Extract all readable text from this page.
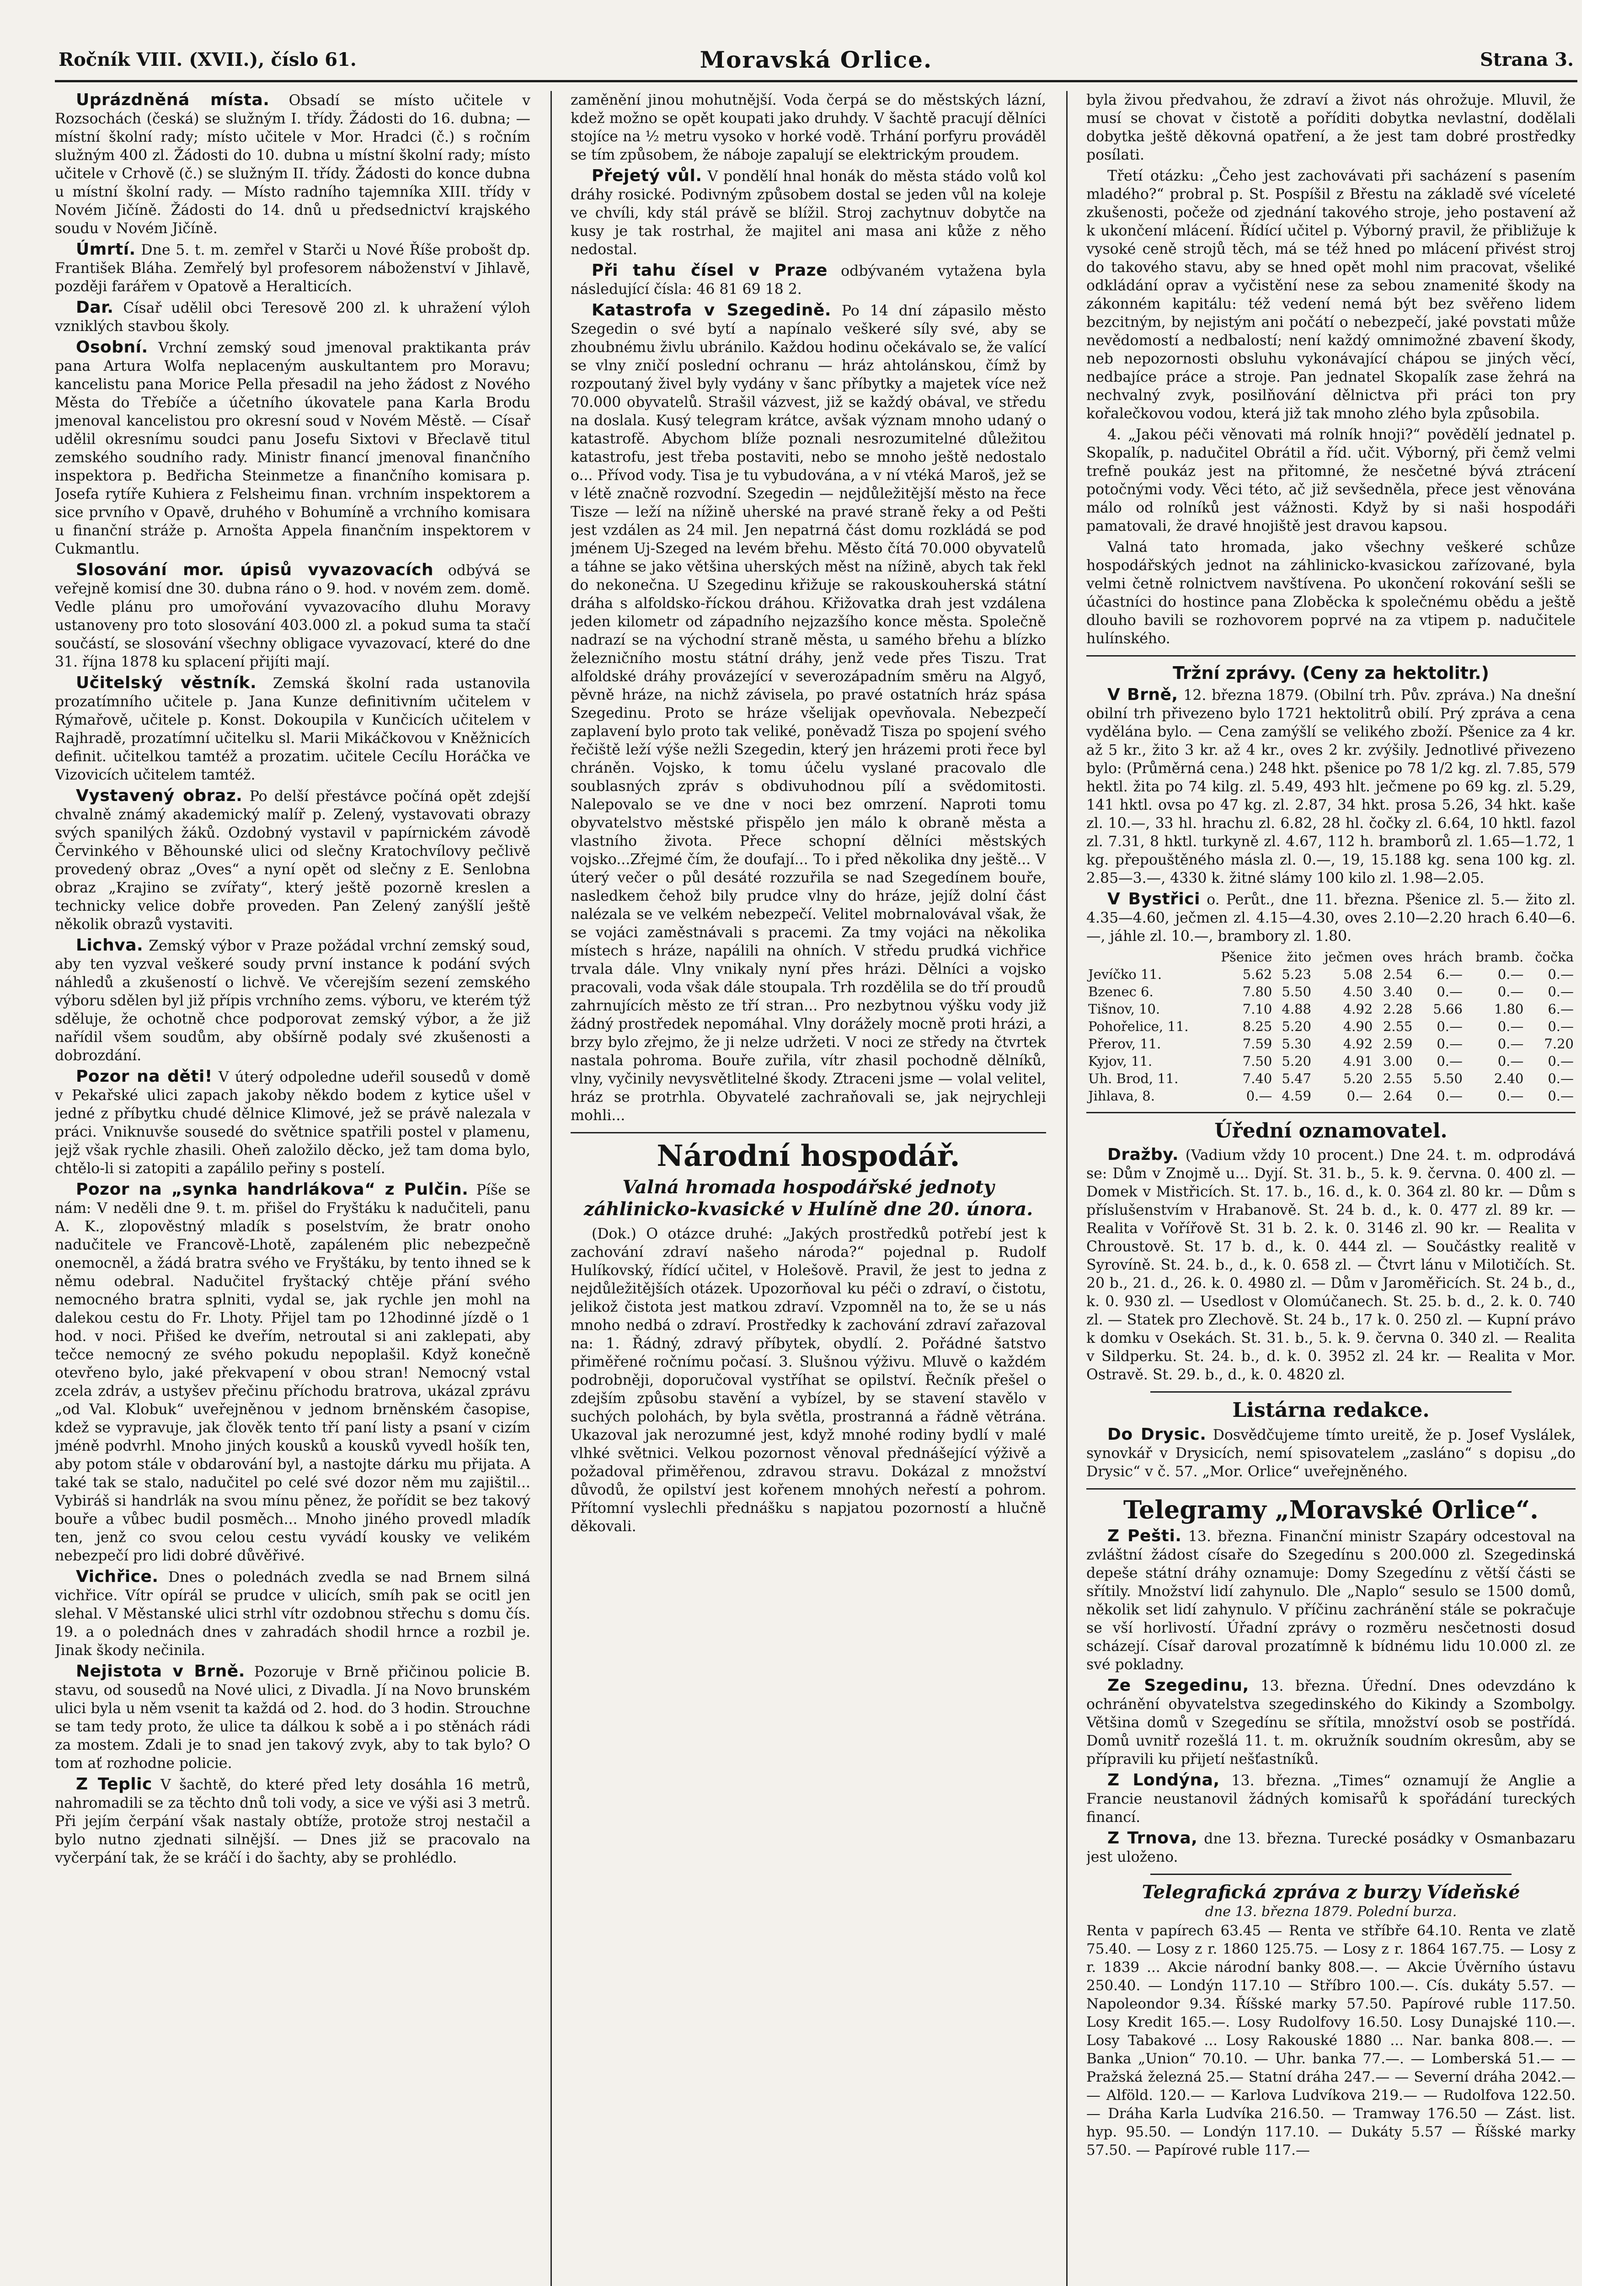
Ročník VIII. (XVII.), číslo 61.	Moravská Orlice.	Strana 3.

Uprázdněná místa. Obsadí se místo učitele v Rozsochách (česká) se služným I. třídy. Žádosti do 16. dubna; — místní školní rady; místo učitele v Mor. Hradci (č.) s ročním služným 400 zl. Žádosti do 10. dubna u místní školní rady; místo učitele v Crhově (č.) se služným II. třídy. Žádosti do konce dubna u místní školní rady. — Místo radního tajemníka XIII. třídy v Novém Jičíně. Žádosti do 14. dnů u předsednictví krajského soudu v Novém Jičíně.

Úmrtí. Dne 5. t. m. zemřel v Starči u Nové Říše probošt dp. František Bláha. Zemřelý byl profesorem náboženství v Jihlavě, později farářem v Opatově a Heralticích.

Dar. Císař udělil obci Teresově 200 zl. k uhražení výloh vzniklých stavbou školy.

Osobní. Vrchní zemský soud jmenoval praktikanta práv pana Artura Wolfa neplaceným auskultantem pro Moravu; kancelistu pana Morice Pella přesadil na jeho žádost z Nového Města do Třebíče a účetního úkovatele pana Karla Brodu jmenoval kancelistou pro okresní soud v Novém Městě. — Císař udělil okresnímu soudci panu Josefu Sixtovi v Břeclavě titul zemského soudního rady. Ministr financí jmenoval finančního inspektora p. Bedřicha Steinmetze a finančního komisara p. Josefa rytíře Kuhiera z Felsheimu finan. vrchním inspektorem a sice prvního v Opavě, druhého v Bohumíně a vrchního komisara u finanční stráže p. Arnošta Appela finančním inspektorem v Cukmantlu.

Slosování mor. úpisů vyvazovacích odbývá se veřejně komisí dne 30. dubna ráno o 9. hod. v novém zem. domě. Vedle plánu pro umořování vyvazovacího dluhu Moravy ustanoveny pro toto slosování 403.000 zl. a pokud suma ta stačí součástí, se slosování všechny obligace vyvazovací, které do dne 31. října 1878 ku splacení přijíti mají.

Učitelský věstník. Zemská školní rada ustanovila prozatímního učitele p. Jana Kunze definitivním učitelem v Rýmařově, učitele p. Konst. Dokoupila v Kunčicích učitelem v Rajhradě, prozatímní učitelku sl. Marii Mikáčkovou v Kněžnicích definit. učitelkou tamtéž a prozatim. učitele Cecílu Horáčka ve Vizovicích učitelem tamtéž.

Vystavený obraz. Po delší přestávce počíná opět zdejší chvalně známý akademický malíř p. Zelený, vystavovati obrazy svých spanilých žáků. Ozdobný vystavil v papírnickém závodě Červinkého v Běhounské ulici od slečny Kratochvílovy pečlivě provedený obraz „Oves“ a nyní opět od slečny z E. Senlobna obraz „Krajino se zvířaty“, který ještě pozorně kreslen a technicky velice dobře proveden. Pan Zelený zanýšlí ještě několik obrazů vystaviti.

Lichva. Zemský výbor v Praze požádal vrchní zemský soud, aby ten vyzval veškeré soudy první instance k podání svých náhledů a zkušeností o lichvě. Ve včerejším sezení zemského výboru sdělen byl již přípis vrchního zems. výboru, ve kterém týž sděluje, že ochotně chce podporovat zemský výbor, a že již nařídil všem soudům, aby obšírně podaly své zkušenosti a dobrozdání.

Pozor na děti! V úterý odpoledne udeřil sousedů v domě v Pekařské ulici zapach jakoby někdo bodem z kytice ušel v jedné z příbytku chudé dělnice Klimové, jež se právě nalezala v práci. Vniknuvše sousedé do světnice spatřili postel v plamenu, jejž však rychle zhasili. Oheň založilo děcko, jež tam doma bylo, chtělo-li si zatopiti a zapálilo peřiny s postelí.

Pozor na „synka handrlákova“ z Pulčin. Píše se nám: V neděli dne 9. t. m. přišel do Fryštáku k nadučiteli, panu A. K., zlopověstný mladík s poselstvím, že bratr onoho nadučitele ve Francově-Lhotě, zapáleném plic nebezpečně onemocněl, a žádá bratra svého ve Fryštáku, by tento ihned se k němu odebral. Nadučitel fryštacký chtěje přání svého nemocného bratra splniti, vydal se, jak rychle jen mohl na dalekou cestu do Fr. Lhoty. Přijel tam po 12hodinné jízdě o 1 hod. v noci. Přišed ke dveřím, netroutal si ani zaklepati, aby tečce nemocný ze svého pokudu nepoplašil. Když konečně otevřeno bylo, jaké překvapení v obou stran! Nemocný vstal zcela zdráv, a ustyšev přečinu příchodu bratrova, ukázal zprávu „od Val. Klobuk“ uveřejněnou v jednom brněnském časopise, kdež se vypravuje, jak člověk tento tří paní listy a psaní v cizím jméně podvrhl. Mnoho jiných kousků a kousků vyvedl hošík ten, aby potom stále v obdarování byl, a nastojte dárku mu přijata. A také tak se stalo, nadučitel po celé své dozor něm mu zajištil... Vybiráš si handrlák na svou mínu pěnez, že pořídit se bez takový bouře a vůbec budil posměch... Mnoho jiného provedl mladík ten, jenž co svou celou cestu vyvádí kousky ve velikém nebezpečí pro lidi dobré důvěřivé.

Vichřice. Dnes o polednách zvedla se nad Brnem silná vichřice. Vítr opírál se prudce v ulicích, smíh pak se ocitl jen slehal. V Městanské ulici strhl vítr ozdobnou střechu s domu čís. 19. a o polednách dnes v zahradách shodil hrnce a rozbil je. Jinak škody nečinila.

Nejistota v Brně. Pozoruje v Brně přičinou policie B. stavu, od sousedů na Nové ulici, z Divadla. Jí na Novo brunském ulici byla u něm vsenit ta každá od 2. hod. do 3 hodin. Strouchne se tam tedy proto, že ulice ta dálkou k sobě a i po stěnách rádi za mostem. Zdali je to snad jen takový zvyk, aby to tak bylo? O tom ať rozhodne policie.

Z Teplic V šachtě, do které před lety dosáhla 16 metrů, nahromadili se za těchto dnů toli vody, a sice ve výši asi 3 metrů. Při jejím čerpání však nastaly obtíže, protože stroj nestačil a bylo nutno zjednati silnější. — Dnes již se pracovalo na vyčerpání tak, že se kráčí i do šachty, aby se prohlédlo.

zaměnění jinou mohutnější. Voda čerpá se do městských lázní, kdež možno se opět koupati jako druhdy. V šachtě pracují dělníci stojíce na ½ metru vysoko v horké vodě. Trhání porfyru prováděl se tím způsobem, že náboje zapalují se elektrickým proudem.

Přejetý vůl. V pondělí hnal honák do města stádo volů kol dráhy rosické. Podivným způsobem dostal se jeden vůl na koleje ve chvíli, kdy stál právě se blížil. Stroj zachytnuv dobytče na kusy je tak rostrhal, že majitel ani masa ani kůže z něho nedostal.

Při tahu čísel v Praze odbývaném vytažena byla následující čísla: 46 81 69 18 2.

Katastrofa v Szegedině. Po 14 dní zápasilo město Szegedin o své bytí a napínalo veškeré síly své, aby se zhoubnému živlu ubránilo. Každou hodinu očekávalo se, že valící se vlny zničí poslední ochranu — hráz ahtolánskou, čímž by rozpoutaný živel byly vydány v šanc příbytky a majetek více než 70.000 obyvatelů. Strašil vázvest, již se každý obával, ve středu na doslala. Kusý telegram krátce, avšak význam mnoho udaný o katastrofě. Abychom blíže poznali nesrozumitelné důležitou katastrofu, jest třeba postaviti, nebo se mnoho ještě nedostalo o... Přívod vody. Tisa je tu vybudována, a v ní vtéká Maroš, jež se v létě značně rozvodní. Szegedin — nejdůležitější město na řece Tisze — leží na nížině uherské na pravé straně řeky a od Pešti jest vzdálen as 24 mil. Jen nepatrná část domu rozkládá se pod jménem Uj-Szeged na levém břehu. Město čítá 70.000 obyvatelů a táhne se jako většina uherských měst na nížině, abych tak řekl do nekonečna. U Szegedinu křižuje se rakouskouherská státní dráha s alfoldsko-říckou dráhou. Křižovatka drah jest vzdálena jeden kilometr od západního nejzazšího konce města. Společně nadrazí se na východní straně města, u samého břehu a blízko železničního mostu státní dráhy, jenž vede přes Tiszu. Trat alfoldské dráhy provázející v severozápadním směru na Algyő, pěvně hráze, na nichž závisela, po pravé ostatních hráz spása Szegedinu. Proto se hráze všelijak opevňovala. Nebezpečí zaplavení bylo proto tak veliké, poněvadž Tisza po spojení svého řečiště leží výše nežli Szegedin, který jen hrázemi proti řece byl chráněn. Vojsko, k tomu účelu vyslané pracovalo dle soublasných zpráv s obdivuhodnou pílí a svědomitosti. Nalepovalo se ve dne v noci bez omrzení. Naproti tomu obyvatelstvo městské přispělo jen málo k obraně města a vlastního života. Přece schopní dělníci městských vojsko...Zřejmé čím, že doufají... To i před několika dny ještě... V úterý večer o půl desáté rozzuřila se nad Szegedínem bouře, nasledkem čehož bily prudce vlny do hráze, jejíž dolní část nalézala se ve velkém nebezpečí. Velitel mobrnalovával však, že se vojáci zaměstnávali s pracemi. Za tmy vojáci na několika místech s hráze, napálili na ohních. V středu prudká vichřice trvala dále. Vlny vnikaly nyní přes hrázi. Dělníci a vojsko pracovali, voda však dále stoupala. Trh rozdělila se do tří proudů zahrnujících město ze tří stran... Pro nezbytnou výšku vody již žádný prostředek nepomáhal. Vlny dorážely mocně proti hrázi, a brzy bylo zřejmo, že ji nelze udržeti. V noci ze středy na čtvrtek nastala pohroma. Bouře zuřila, vítr zhasil pochodně dělníků, vlny, vyčinily nevysvětlitelné škody. Ztraceni jsme — volal velitel, hráz se protrhla. Obyvatelé zachraňovali se, jak nejrychleji mohli...

Národní hospodář.
Valná hromada hospodářské jednoty záhlinicko-kvasické v Hulíně dne 20. února.

(Dok.) O otázce druhé: „Jakých prostředků potřebí jest k zachování zdraví našeho národa?“ pojednal p. Rudolf Hulíkovský, řídící učitel, v Holešově. Pravil, že jest to jedna z nejdůležitějších otázek. Upozorňoval ku péči o zdraví, o čistotu, jelikož čistota jest matkou zdraví. Vzpomněl na to, že se u nás mnoho nedbá o zdraví. Prostředky k zachování zdraví zařazoval na: 1. Řádný, zdravý příbytek, obydlí. 2. Pořádné šatstvo přiměřené ročnímu počasí. 3. Slušnou výživu. Mluvě o každém podrobněji, doporučoval vystříhat se opilství. Řečník přešel o zdejším způsobu stavění a vybízel, by se stavení stavělo v suchých polohách, by byla světla, prostranná a řádně větrána. Ukazoval jak nerozumné jest, když mnohé rodiny bydlí v malé vlhké světnici. Velkou pozornost věnoval přednášející výživě a požadoval přiměřenou, zdravou stravu. Dokázal z množství důvodů, že opilství jest kořenem mnohých neřestí a pohrom. Přítomní vyslechli přednášku s napjatou pozorností a hlučně děkovali.

byla živou předvahou, že zdraví a život nás ohrožuje. Mluvil, že musí se chovat v čistotě a poříditi dobytka nevlastní, dodělali dobytka ještě děkovná opatření, a že jest tam dobré prostředky posílati.

Třetí otázku: „Čeho jest zachovávati při sacházení s pasením mladého?“ probral p. St. Pospíšil z Břestu na základě své víceleté zkušenosti, počeže od zjednání takového stroje, jeho postavení až k ukončení mlácení. Řídící učitel p. Výborný pravil, že přibližuje k vysoké ceně strojů těch, má se též hned po mlácení přivést stroj do takového stavu, aby se hned opět mohl nim pracovat, všeliké odkládání oprav a vyčistění nese za sebou znamenité škody na zákonném kapitálu: též vedení nemá být bez svěřeno lidem bezcitným, by nejistým ani počátí o nebezpečí, jaké povstati může nevědomostí a nedbalostí; není každý omnimožné zbavení škody, neb nepozornosti obsluhu vykonávající chápou se jiných věcí, nedbajíce práce a stroje. Pan jednatel Skopalík zase žehrá na nechvalný zvyk, posilňování dělnictva při práci ton pry kořalečkovou vodou, která již tak mnoho zlého byla způsobila.

4. „Jakou péči věnovati má rolník hnoji?“ povědělí jednatel p. Skopalík, p. nadučitel Obrátil a říd. učit. Výborný, při čemž velmi trefně poukáz jest na přitomné, že nesčetné bývá ztrácení potočnými vody. Věci této, ač již sevšedněla, přece jest věnována málo od rolníků jest vážnosti. Když by si naši hospodáři pamatovali, že dravé hnojiště jest dravou kapsou.

Valná tato hromada, jako všechny veškeré schůze hospodářských jednot na záhlinicko-kvasickou zařízované, byla velmi četně rolnictvem navštívena. Po ukončení rokování sešli se účastníci do hostince pana Zloběcka k společnému obědu a ještě dlouho bavili se rozhovorem poprvé na za vtipem p. nadučitele hulínského.

Tržní zprávy. (Ceny za hektolitr.)

V Brně, 12. března 1879. (Obilní trh. Pův. zpráva.) Na dnešní obilní trh přivezeno bylo 1721 hektolitrů obilí. Prý zpráva a cena vydělána bylo. — Cena zamýšlí se velikého zboží. Pšenice za 4 kr. až 5 kr., žito 3 kr. až 4 kr., oves 2 kr. zvýšily. Jednotlivé přivezeno bylo: (Průměrná cena.) 248 hkt. pšenice po 78 1/2 kg. zl. 7.85, 579 hektl. žita po 74 kilg. zl. 5.49, 493 hlt. ječmene po 69 kg. zl. 5.29, 141 hktl. ovsa po 47 kg. zl. 2.87, 34 hkt. prosa 5.26, 34 hkt. kaše zl. 10.—, 33 hl. hrachu zl. 6.82, 28 hl. čočky zl. 6.64, 10 hktl. fazol zl. 7.31, 8 hktl. turkyně zl. 4.67, 112 h. bramborů zl. 1.65—1.72, 1 kg. přepouštěného másla zl. 0.—, 19, 15.188 kg. sena 100 kg. zl. 2.85—3.—, 4330 k. žitné slámy 100 kilo zl. 1.98—2.05.

V Bystřici o. Perůt., dne 11. března. Pšenice zl. 5.— žito zl. 4.35—4.60, ječmen zl. 4.15—4.30, oves 2.10—2.20 hrach 6.40—6.—, jáhle zl. 10.—, brambory zl. 1.80.

	Pšenice	žito	ječmen	oves	hrách	bramb.	čočka
Jevíčko 11.	5.62	5.23	5.08	2.54	6.—	0.—	0.—
Bzenec 6.	7.80	5.50	4.50	3.40	0.—	0.—	0.—
Tišnov, 10.	7.10	4.88	4.92	2.28	5.66	1.80	6.—
Pohořelice, 11.	8.25	5.20	4.90	2.55	0.—	0.—	0.—
Přerov, 11.	7.59	5.30	4.92	2.59	0.—	0.—	7.20
Kyjov, 11.	7.50	5.20	4.91	3.00	0.—	0.—	0.—
Uh. Brod, 11.	7.40	5.47	5.20	2.55	5.50	2.40	0.—
Jihlava, 8.	0.—	4.59	0.—	2.64	0.—	0.—	0.—
Úřední oznamovatel.

Dražby. (Vadium vždy 10 procent.) Dne 24. t. m. odprodává se: Dům v Znojmě u... Dyjí. St. 31. b., 5. k. 9. června. 0. 400 zl. — Domek v Mistřicích. St. 17. b., 16. d., k. 0. 364 zl. 80 kr. — Dům s příslušenstvím v Hrabanově. St. 24 b. d., k. 0. 477 zl. 89 kr. — Realita v Vořířově St. 31 b. 2. k. 0. 3146 zl. 90 kr. — Realita v Chroustově. St. 17 b. d., k. 0. 444 zl. — Součástky realitě v Syrovíně. St. 24. b., d., k. 0. 658 zl. — Čtvrt lánu v Milotičích. St. 20 b., 21. d., 26. k. 0. 4980 zl. — Dům v Jaroměřicích. St. 24 b., d., k. 0. 930 zl. — Usedlost v Olomúčanech. St. 25. b. d., 2. k. 0. 740 zl. — Statek pro Zlechově. St. 24 b., 17 k. 0. 250 zl. — Kupní právo k domku v Osekách. St. 31. b., 5. k. 9. června 0. 340 zl. — Realita v Sildperku. St. 24. b., d. k. 0. 3952 zl. 24 kr. — Realita v Mor. Ostravě. St. 29. b., d., k. 0. 4820 zl.

Listárna redakce.

Do Drysic. Dosvědčujeme tímto ureitě, že p. Josef Vyslálek, synovkář v Drysicích, nemí spisovatelem „zasláno“ s dopisu „do Drysic“ v č. 57. „Mor. Orlice“ uveřejněného.

Telegramy „Moravské Orlice“.

Z Pešti. 13. března. Finanční ministr Szapáry odcestoval na zvláštní žádost císaře do Szegedínu s 200.000 zl. Szegedinská depeše státní dráhy oznamuje: Domy Szegedínu z větší části se sřítily. Množství lidí zahynulo. Dle „Naplo“ sesulo se 1500 domů, několik set lidí zahynulo. V příčinu zachránění stále se pokračuje se vší horlivostí. Úřadní zprávy o rozměru nesčetnosti dosud scházejí. Císař daroval prozatímně k bídnému lidu 10.000 zl. ze své pokladny.

Ze Szegedinu, 13. března. Úřední. Dnes odevzdáno k ochránění obyvatelstva szegedinského do Kikindy a Szombolgy. Většina domů v Szegedínu se sřítila, množství osob se postřídá. Domů uvnitř rozešlá 11. t. m. okružník soudním okresům, aby se přípravili ku přijetí nešťastníků.

Z Londýna, 13. března. „Times“ oznamují že Anglie a Francie neustanovil žádných komisařů k spořádání tureckých financí.

Z Trnova, dne 13. března. Turecké posádky v Osmanbazaru jest uloženo.

Telegrafická zpráva z burzy Vídeňské
dne 13. března 1879. Polední burza.

Renta v papírech 63.45 — Renta ve stříbře 64.10. Renta ve zlatě 75.40. — Losy z r. 1860 125.75. — Losy z r. 1864 167.75. — Losy z r. 1839 ... Akcie národní banky 808.—. — Akcie Úvěrního ústavu 250.40. — Londýn 117.10 — Stříbro 100.—. Cís. dukáty 5.57. — Napoleondor 9.34. Říšské marky 57.50. Papírové ruble 117.50. Losy Kredit 165.—. Losy Rudolfovy 16.50. Losy Dunajské 110.—. Losy Tabakové ... Losy Rakouské 1880 ... Nar. banka 808.—. — Banka „Union“ 70.10. — Uhr. banka 77.—. — Lomberská 51.— — Pražská železná 25.— Statní dráha 247.— — Severní dráha 2042.— — Alföld. 120.— — Karlova Ludvíkova 219.— — Rudolfova 122.50. — Dráha Karla Ludvíka 216.50. — Tramway 176.50 — Zást. list. hyp. 95.50. — Londýn 117.10. — Dukáty 5.57 — Říšské marky 57.50. — Papírové ruble 117.—
